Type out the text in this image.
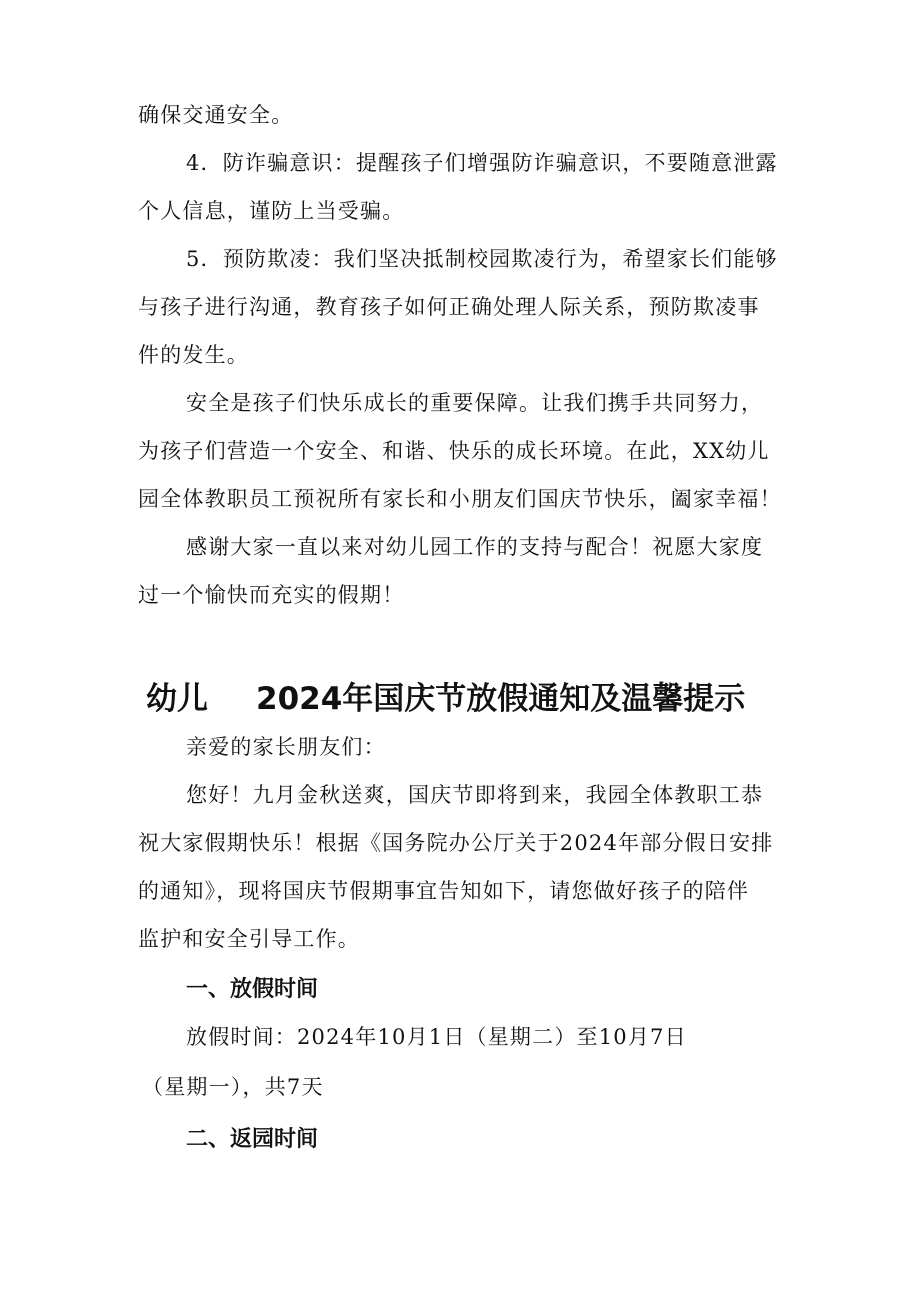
确保交通安全。
4．防诈骗意识：提醒孩子们增强防诈骗意识，不要随意泄露
个人信息，谨防上当受骗。
5．预防欺凌：我们坚决抵制校园欺凌行为，希望家长们能够
与孩子进行沟通，教育孩子如何正确处理人际关系，预防欺凌事
件的发生。
安全是孩子们快乐成长的重要保障。让我们携手共同努力，
为孩子们营造一个安全、和谐、快乐的成长环境。在此，XX幼儿
园全体教职员工预祝所有家长和小朋友们国庆节快乐，阖家幸福！
感谢大家一直以来对幼儿园工作的支持与配合！祝愿大家度
过一个愉快而充实的假期！
幼儿 2024年国庆节放假通知及温馨提示
亲爱的家长朋友们：
您好！九月金秋送爽，国庆节即将到来，我园全体教职工恭
祝大家假期快乐！根据《国务院办公厅关于2024年部分假日安排
的通知》，现将国庆节假期事宜告知如下，请您做好孩子的陪伴
监护和安全引导工作。
一、放假时间
放假时间：2024年10月1日（星期二）至10月7日
（星期一），共7天
二、返园时间
